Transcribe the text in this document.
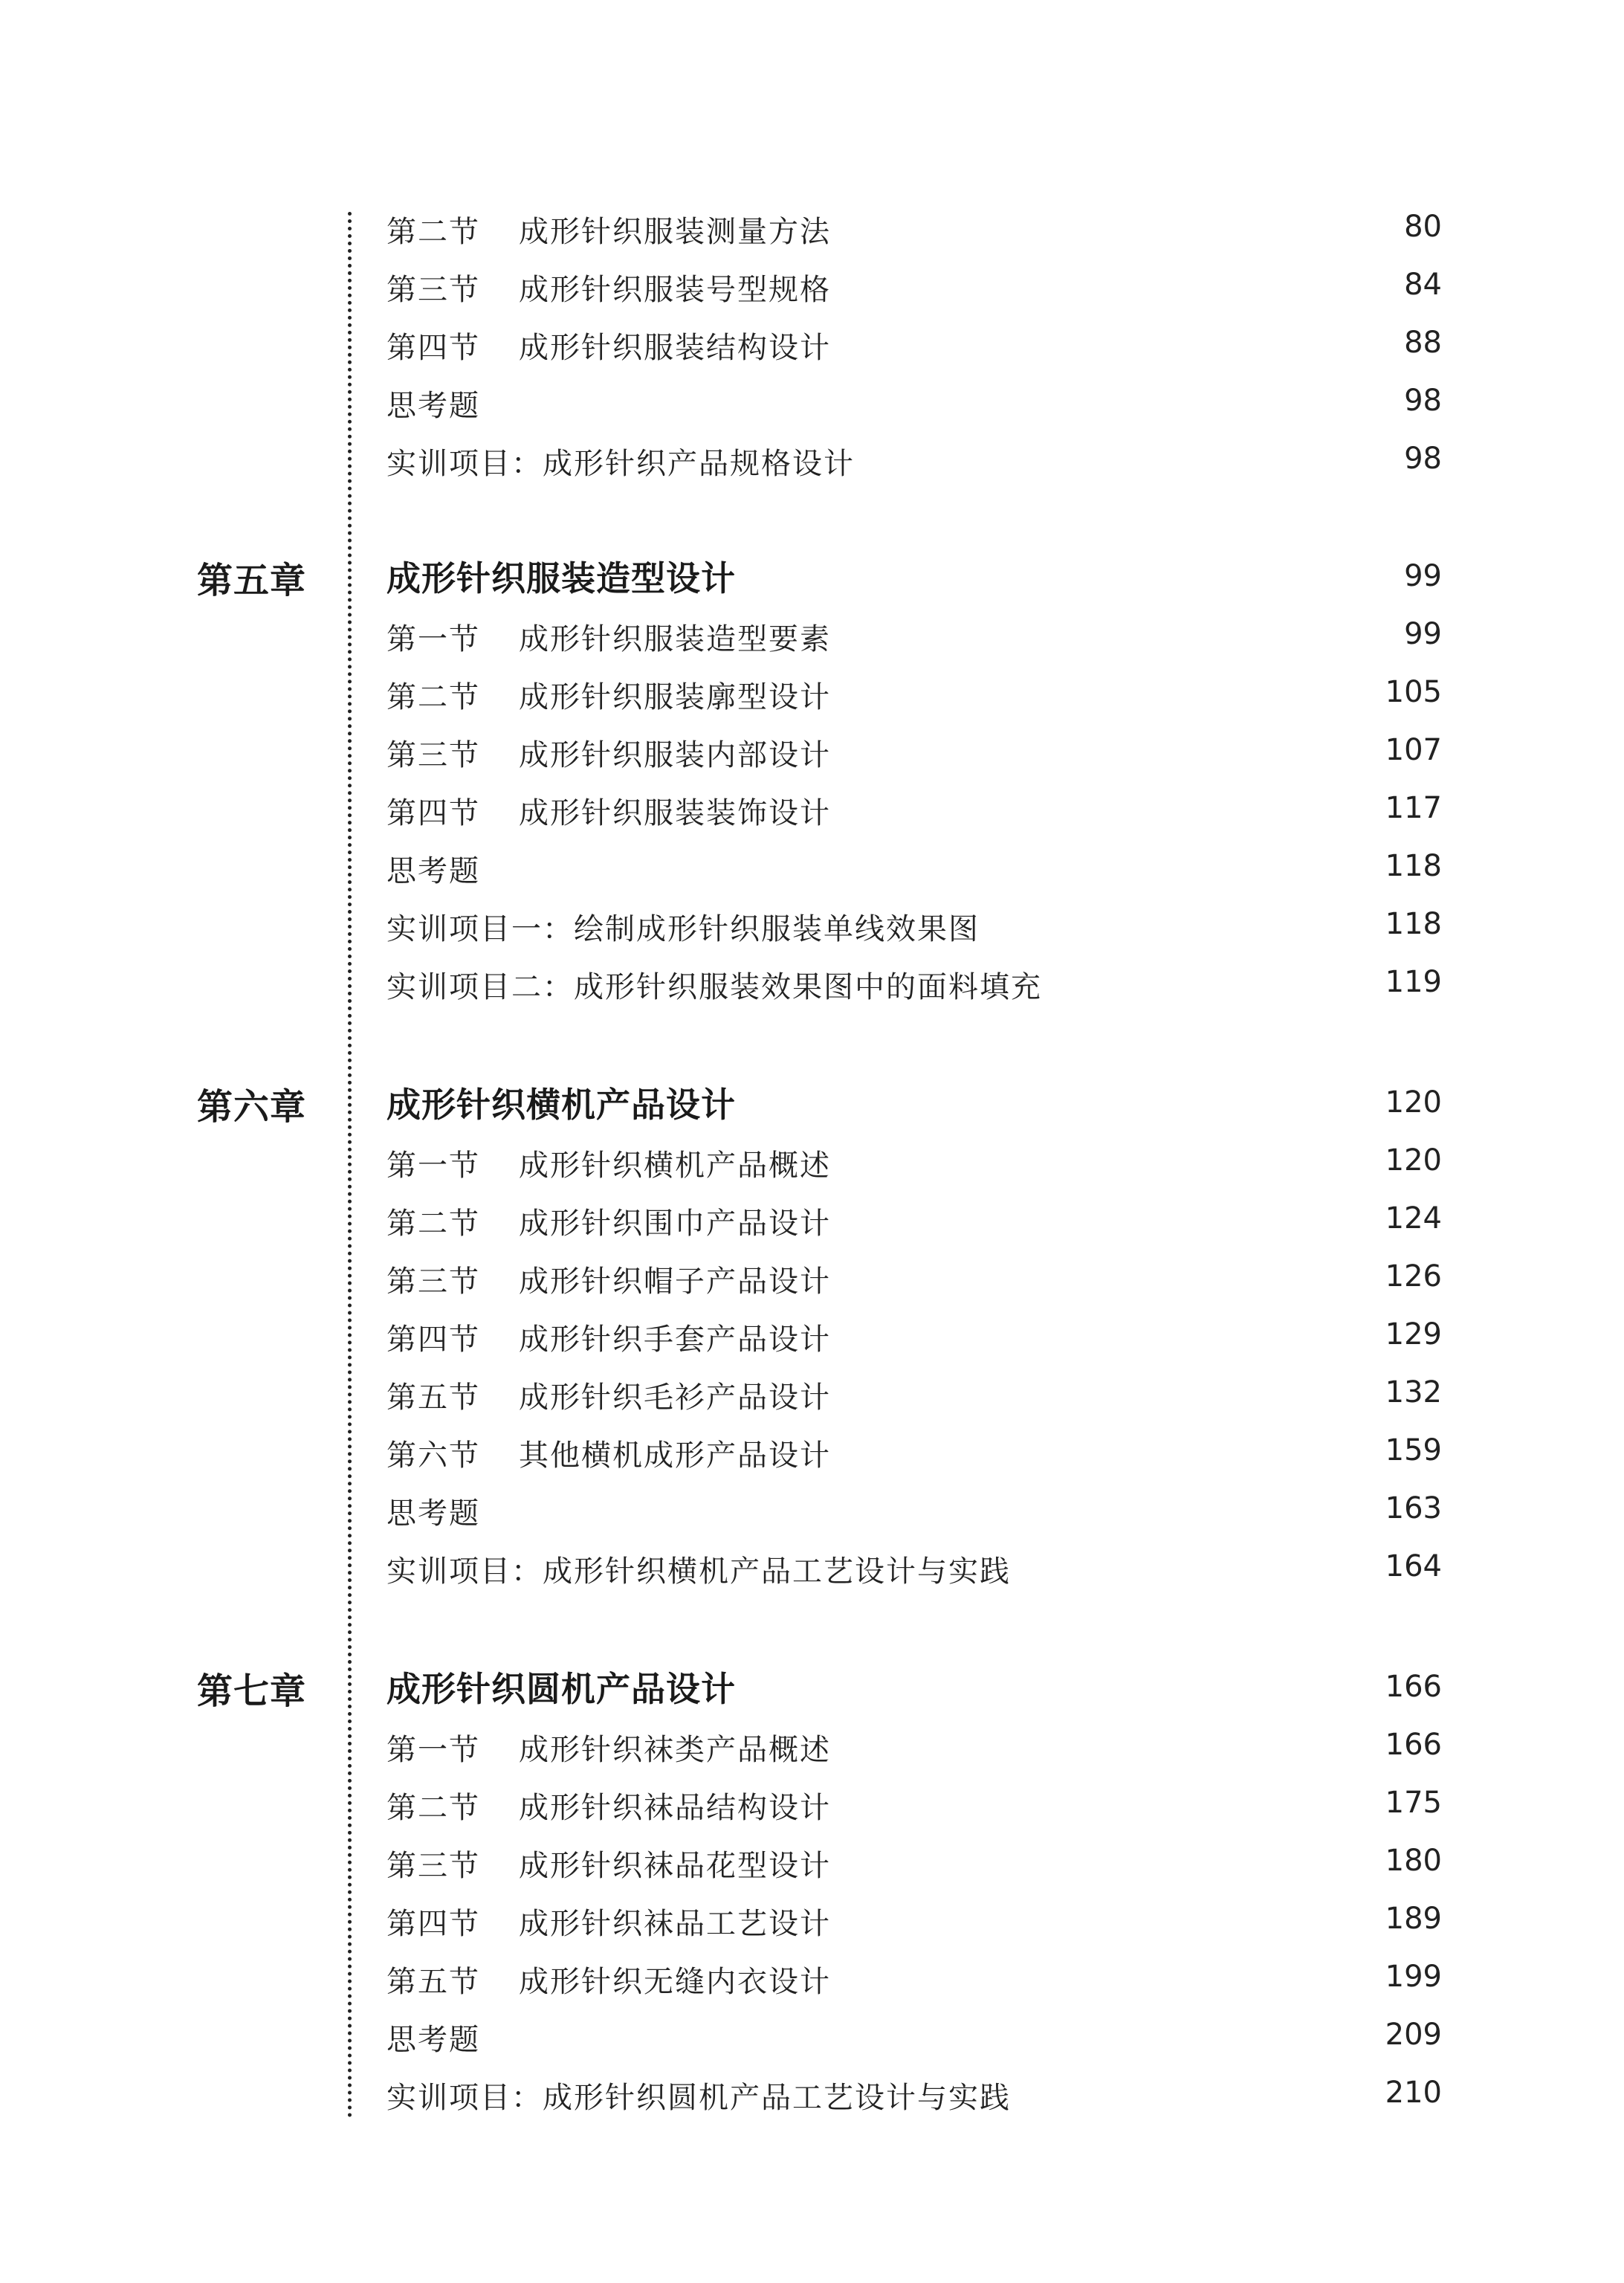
第二节 成形针织服装测量方法	80
第三节 成形针织服装号型规格	84
第四节 成形针织服装结构设计	88
思考题	98
实训项目：成形针织产品规格设计	98
第五章 成形针织服装造型设计	99
第一节 成形针织服装造型要素	99
第二节 成形针织服装廓型设计	105
第三节 成形针织服装内部设计	107
第四节 成形针织服装装饰设计	117
思考题	118
实训项目一：绘制成形针织服装单线效果图	118
实训项目二：成形针织服装效果图中的面料填充	119
第六章 成形针织横机产品设计	120
第一节 成形针织横机产品概述	120
第二节 成形针织围巾产品设计	124
第三节 成形针织帽子产品设计	126
第四节 成形针织手套产品设计	129
第五节 成形针织毛衫产品设计	132
第六节 其他横机成形产品设计	159
思考题	163
实训项目：成形针织横机产品工艺设计与实践	164
第七章 成形针织圆机产品设计	166
第一节 成形针织袜类产品概述	166
第二节 成形针织袜品结构设计	175
第三节 成形针织袜品花型设计	180
第四节 成形针织袜品工艺设计	189
第五节 成形针织无缝内衣设计	199
思考题	209
实训项目：成形针织圆机产品工艺设计与实践	210
